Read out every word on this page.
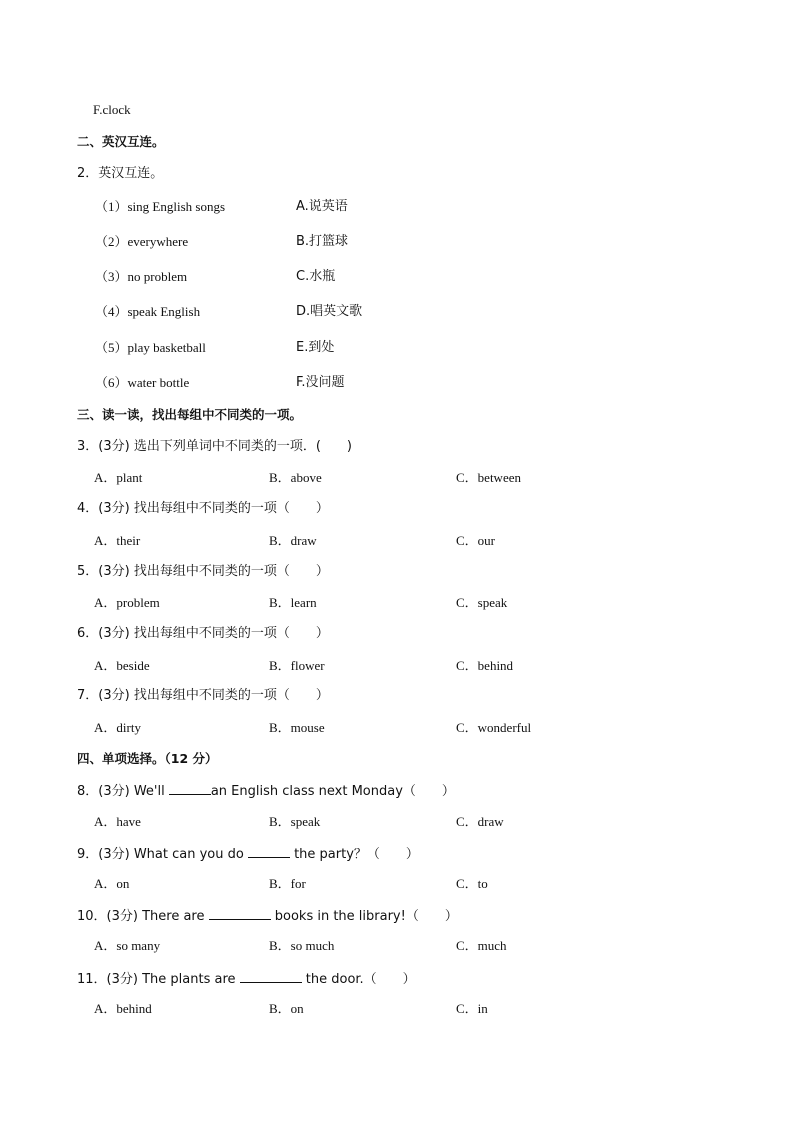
F.clock
二、英汉互连。
2．英汉互连。
（1）sing English songs	A.说英语
（2）everywhere	B.打篮球
（3）no problem	C.水瓶
（4）speak English	D.唱英文歌
（5）play basketball	E.到处
（6）water bottle	F.没问题
三、读一读，找出每组中不同类的一项。
3．(3分) 选出下列单词中不同类的一项．(　　)
A．plant	B．above	C．between
4．(3分) 找出每组中不同类的一项（　　）
A．their	B．draw	C．our
5．(3分) 找出每组中不同类的一项（　　）
A．problem	B．learn	C．speak
6．(3分) 找出每组中不同类的一项（　　）
A．beside	B．flower	C．behind
7．(3分) 找出每组中不同类的一项（　　）
A．dirty	B．mouse	C．wonderful
四、单项选择。（12 分）
8．(3分) We'll	an English class next Monday（　　）
A．have	B．speak	C．draw
9．(3分) What can you do	the party？（　　）
A．on	B．for	C．to
10．(3分) There are	books in the library!（　　）
A．so many	B．so much	C．much
11．(3分) The plants are	the door.（　　）
A．behind	B．on	C．in
